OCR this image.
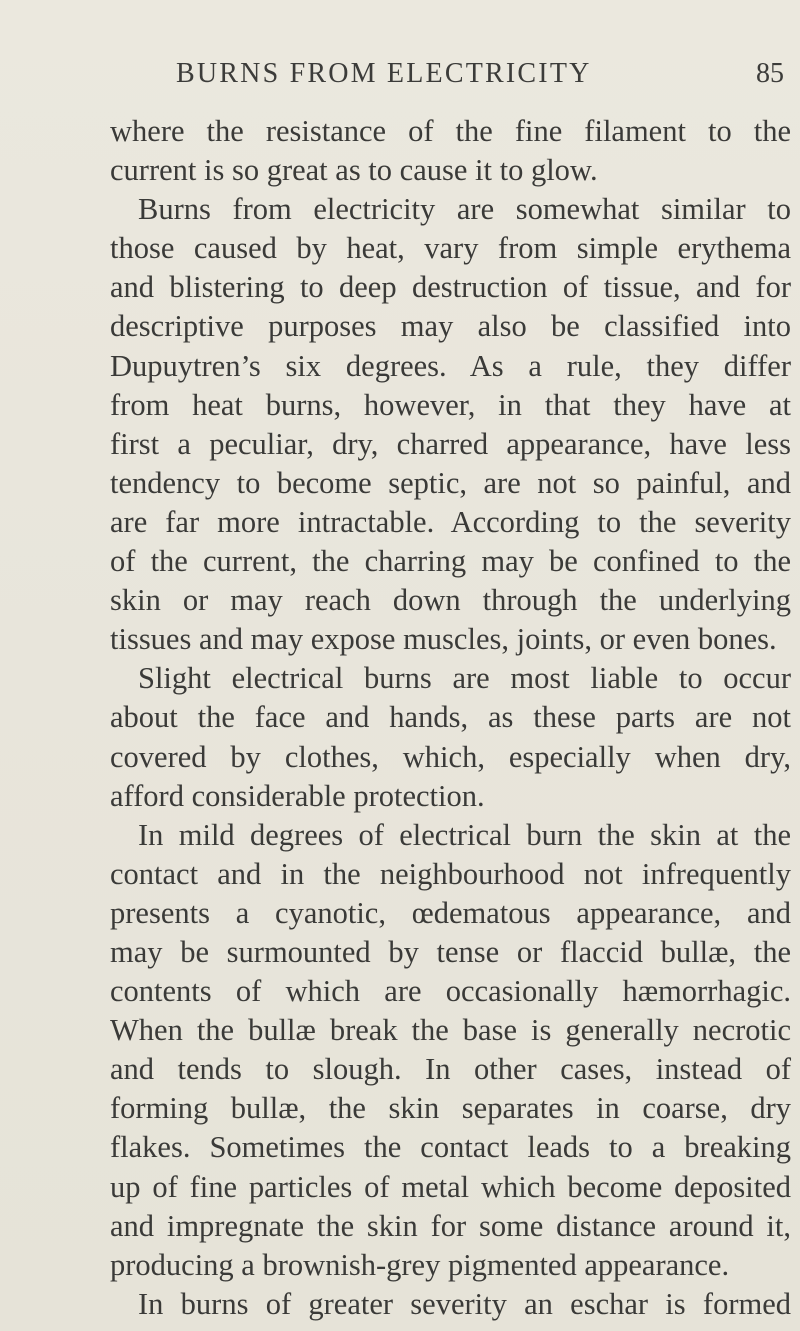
BURNS FROM ELECTRICITY	85
where the resistance of the fine filament to the
current is so great as to cause it to glow.
Burns from electricity are somewhat similar to
those caused by heat, vary from simple erythema
and blistering to deep destruction of tissue, and for
descriptive purposes may also be classified into
Dupuytren’s six degrees. As a rule, they differ
from heat burns, however, in that they have at
first a peculiar, dry, charred appearance, have less
tendency to become septic, are not so painful, and
are far more intractable. According to the severity
of the current, the charring may be confined to the
skin or may reach down through the underlying
tissues and may expose muscles, joints, or even bones.
Slight electrical burns are most liable to occur
about the face and hands, as these parts are not
covered by clothes, which, especially when dry,
afford considerable protection.
In mild degrees of electrical burn the skin at the
contact and in the neighbourhood not infrequently
presents a cyanotic, œdematous appearance, and
may be surmounted by tense or flaccid bullæ, the
contents of which are occasionally hæmorrhagic.
When the bullæ break the base is generally necrotic
and tends to slough. In other cases, instead of
forming bullæ, the skin separates in coarse, dry
flakes. Sometimes the contact leads to a breaking
up of fine particles of metal which become deposited
and impregnate the skin for some distance around it,
producing a brownish-grey pigmented appearance.
In burns of greater severity an eschar is formed
